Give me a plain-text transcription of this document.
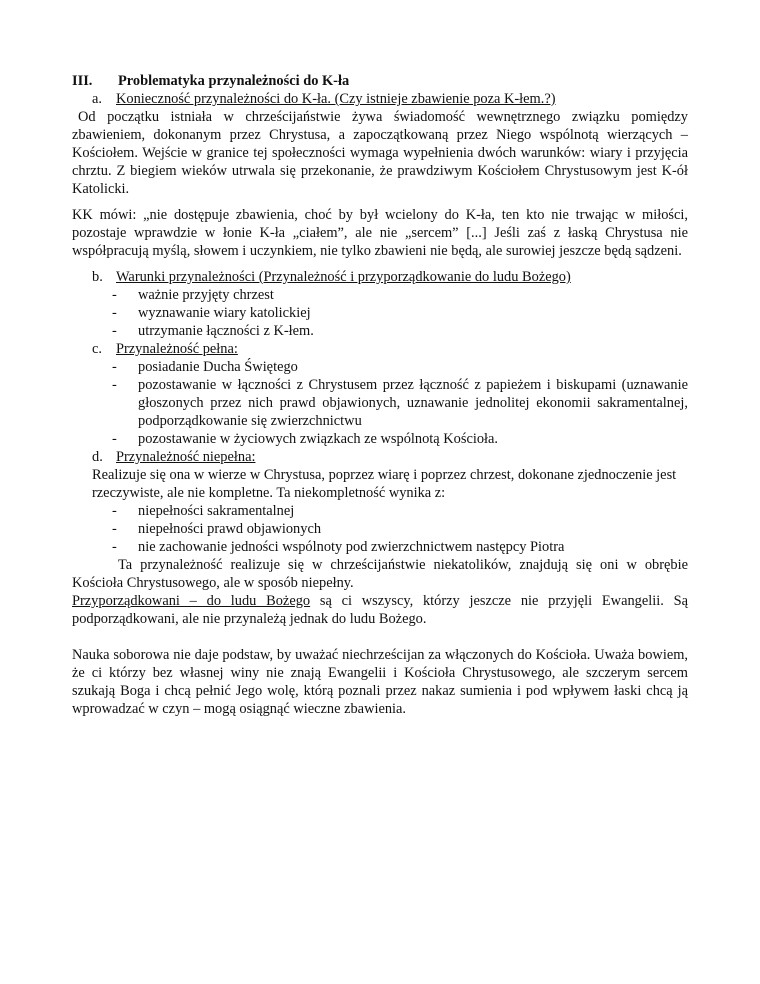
III.	Problematyka przynależności do K-ła
a. Konieczność przynależności do K-ła. (Czy istnieje zbawienie poza K-łem.?)

Od początku istniała w chrześcijaństwie żywa świadomość wewnętrznego związku pomiędzy zbawieniem, dokonanym przez Chrystusa, a zapoczątkowaną przez Niego wspólnotą wierzących – Kościołem. Wejście w granice tej społeczności wymaga wypełnienia dwóch warunków: wiary i przyjęcia chrztu. Z biegiem wieków utrwala się przekonanie, że prawdziwym Kościołem Chrystusowym jest K-ół Katolicki.

KK mówi: „nie dostępuje zbawienia, choć by był wcielony do K-ła, ten kto nie trwając w miłości, pozostaje wprawdzie w łonie K-ła „ciałem”, ale nie „sercem” [...] Jeśli zaś z łaską Chrystusa nie współpracują myślą, słowem i uczynkiem, nie tylko zbawieni nie będą, ale surowiej jeszcze będą sądzeni.

b. Warunki przynależności (Przynależność i przyporządkowanie do ludu Bożego)
-	ważnie przyjęty chrzest
-	wyznawanie wiary katolickiej
-	utrzymanie łączności z K-łem.
c. Przynależność pełna:
-	posiadanie Ducha Świętego
-	pozostawanie w łączności z Chrystusem przez łączność z papieżem i biskupami (uznawanie głoszonych przez nich prawd objawionych, uznawanie jednolitej ekonomii sakramentalnej, podporządkowanie się zwierzchnictwu
-	pozostawanie w życiowych związkach ze wspólnotą Kościoła.
d. Przynależność niepełna:

Realizuje się ona w wierze w Chrystusa, poprzez wiarę i poprzez chrzest, dokonane zjednoczenie jest

rzeczywiste, ale nie kompletne. Ta niekompletność wynika z:

-	niepełności sakramentalnej
-	niepełności prawd objawionych
-	nie zachowanie jedności wspólnoty pod zwierzchnictwem następcy Piotra

Ta przynależność realizuje się w chrześcijaństwie niekatolików, znajdują się oni w obrębie Kościoła Chrystusowego, ale w sposób niepełny.

Przyporządkowani – do ludu Bożego są ci wszyscy, którzy jeszcze nie przyjęli Ewangelii. Są podporządkowani, ale nie przynależą jednak do ludu Bożego.

Nauka soborowa nie daje podstaw, by uważać niechrześcijan za włączonych do Kościoła. Uważa bowiem, że ci którzy bez własnej winy nie znają Ewangelii i Kościoła Chrystusowego, ale szczerym sercem szukają Boga i chcą pełnić Jego wolę, którą poznali przez nakaz sumienia i pod wpływem łaski chcą ją wprowadzać w czyn – mogą osiągnąć wieczne zbawienia.
